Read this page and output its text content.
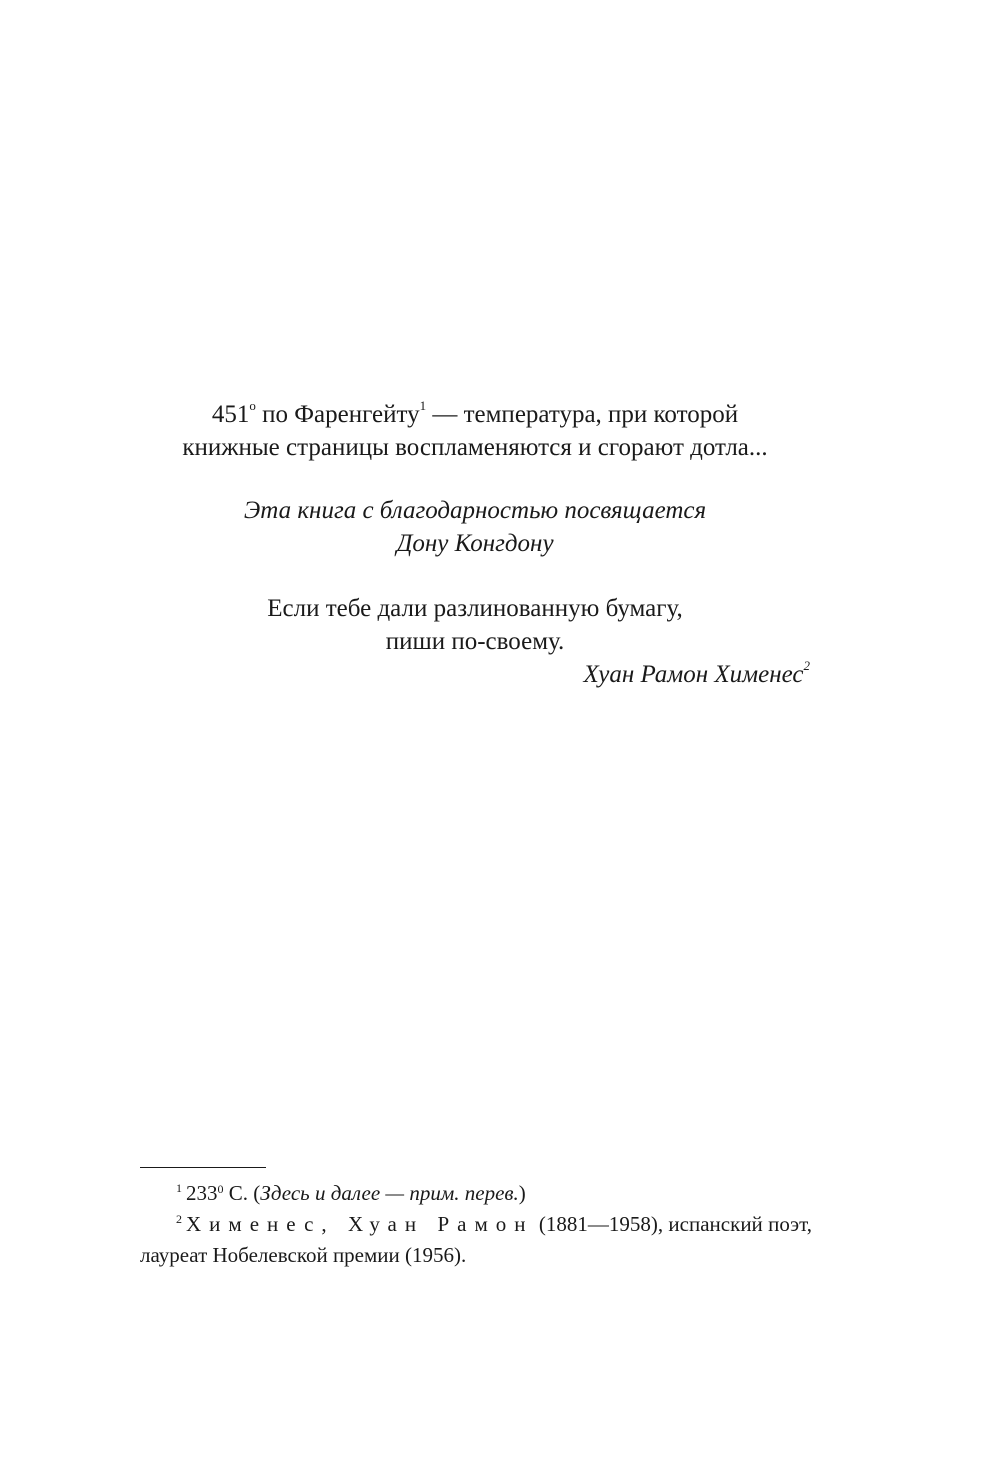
451$^o$ по Фаренгейту$^1$ — температура, при которой
книжные страницы воспламеняются и сгорают дотла...
Эта книга с благодарностью посвящается
Дону Конгдону
Если тебе дали разлинованную бумагу,
пиши по-своему.
Хуан Рамон Хименес$^2$
$^1$ 233$^0$ С. (Здесь и далее — прим. перев.)
$^2$ Хименес, Хуан Рамон (1881—1958), испанский поэт, лауреат Нобелевской премии (1956).
